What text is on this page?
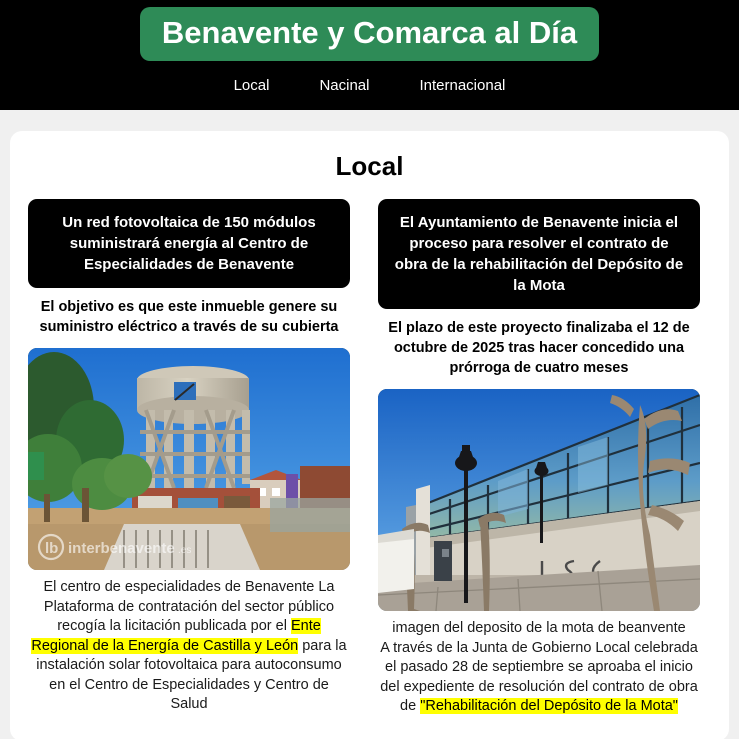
Benavente y Comarca al Día
Local	Nacinal	Internacional
Local
Un red fotovoltaica de 150 módulos suministrará energía al Centro de Especialidades de Benavente
El objetivo es que este inmueble genere su suministro eléctrico a través de su cubierta
lb interbenavente .es

El centro de especialidades de Benavente La Plataforma de contratación del sector público recogía la licitación publicada por el Ente Regional de la Energía de Castilla y León para la instalación solar fotovoltaica para autoconsumo en el Centro de Especialidades y Centro de Salud

El Ayuntamiento de Benavente inicia el proceso para resolver el contrato de obra de la rehabilitación del Depósito de la Mota
El plazo de este proyecto finalizaba el 12 de octubre de 2025 tras hacer concedido una prórroga de cuatro meses

imagen del deposito de la mota de beanvente

A través de la Junta de Gobierno Local celebrada el pasado 28 de septiembre se aproaba el inicio del expediente de resolución del contrato de obra de "Rehabilitación del Depósito de la Mota"
